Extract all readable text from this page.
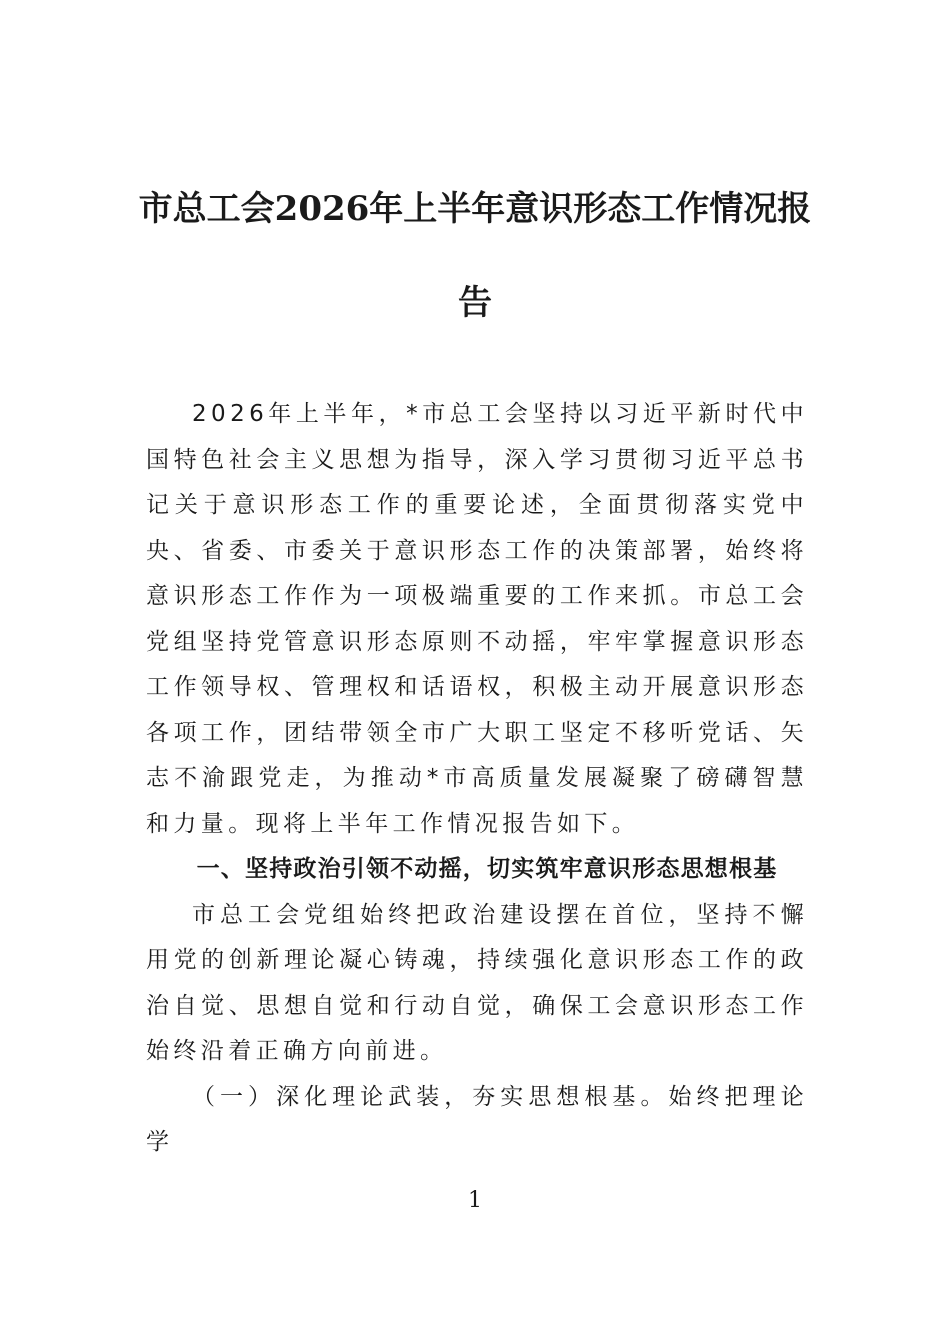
市总工会2026年上半年意识形态工作情况报告

2026年上半年，*市总工会坚持以习近平新时代中国特色社会主义思想为指导，深入学习贯彻习近平总书记关于意识形态工作的重要论述，全面贯彻落实党中央、省委、市委关于意识形态工作的决策部署，始终将意识形态工作作为一项极端重要的工作来抓。市总工会党组坚持党管意识形态原则不动摇，牢牢掌握意识形态工作领导权、管理权和话语权，积极主动开展意识形态各项工作，团结带领全市广大职工坚定不移听党话、矢志不渝跟党走，为推动*市高质量发展凝聚了磅礴智慧和力量。现将上半年工作情况报告如下。

一、坚持政治引领不动摇，切实筑牢意识形态思想根基

市总工会党组始终把政治建设摆在首位，坚持不懈用党的创新理论凝心铸魂，持续强化意识形态工作的政治自觉、思想自觉和行动自觉，确保工会意识形态工作始终沿着正确方向前进。

（一）深化理论武装，夯实思想根基。始终把理论学

1
